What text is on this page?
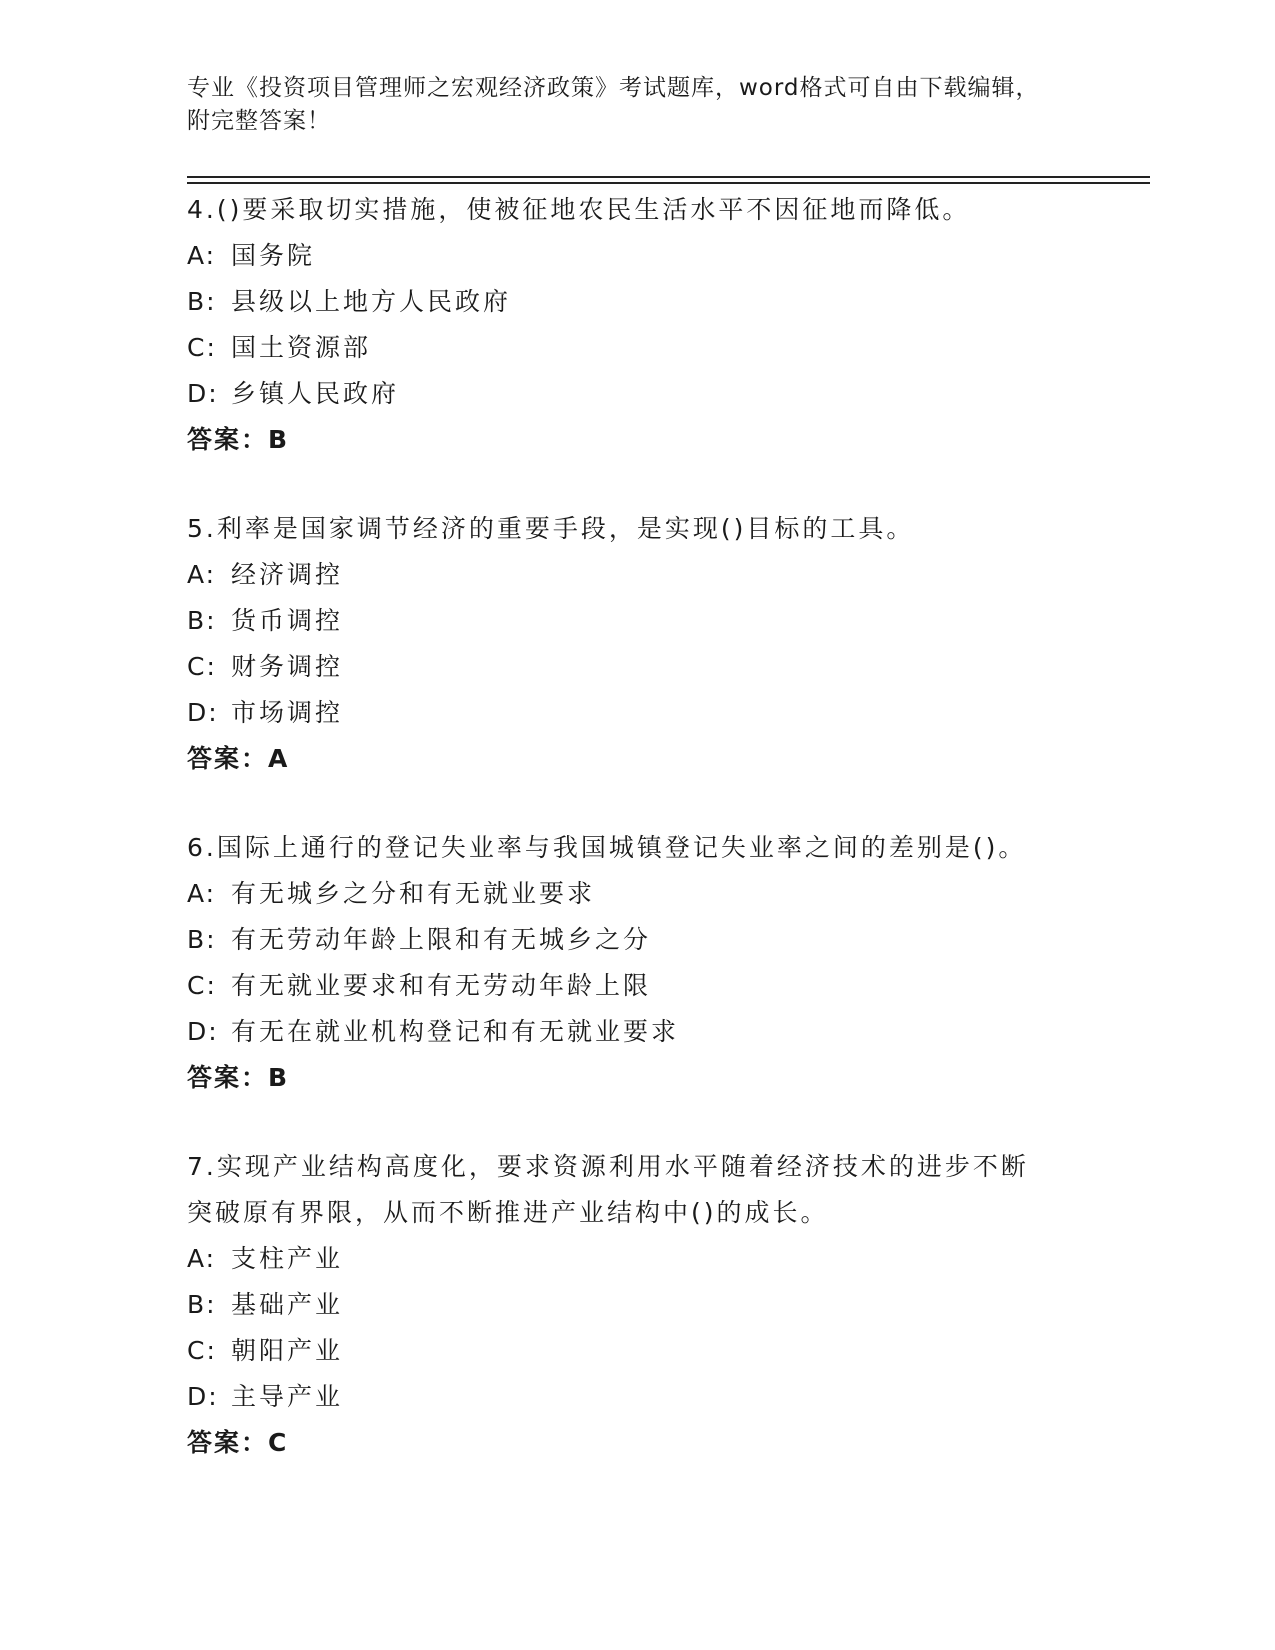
专业《投资项目管理师之宏观经济政策》考试题库，word格式可自由下载编辑，
附完整答案！
4.()要采取切实措施，使被征地农民生活水平不因征地而降低。
A: 国务院
B: 县级以上地方人民政府
C: 国土资源部
D: 乡镇人民政府
答案：B
5.利率是国家调节经济的重要手段，是实现()目标的工具。
A: 经济调控
B: 货币调控
C: 财务调控
D: 市场调控
答案：A
6.国际上通行的登记失业率与我国城镇登记失业率之间的差别是()。
A: 有无城乡之分和有无就业要求
B: 有无劳动年龄上限和有无城乡之分
C: 有无就业要求和有无劳动年龄上限
D: 有无在就业机构登记和有无就业要求
答案：B
7.实现产业结构高度化，要求资源利用水平随着经济技术的进步不断
突破原有界限，从而不断推进产业结构中()的成长。
A: 支柱产业
B: 基础产业
C: 朝阳产业
D: 主导产业
答案：C
